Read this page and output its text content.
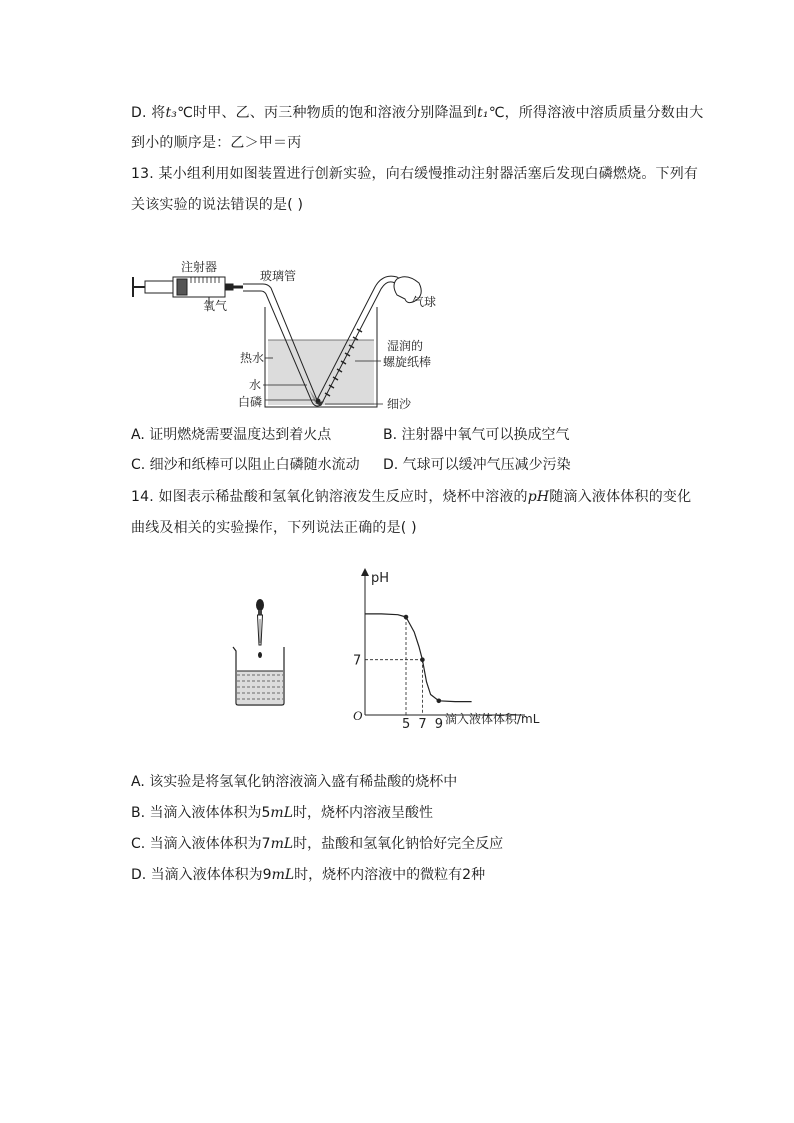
D. 将t₃℃时甲、乙、丙三种物质的饱和溶液分别降温到t₁℃，所得溶液中溶质质量分数由大
到小的顺序是：乙＞甲＝丙
13. 某小组利用如图装置进行创新实验，向右缓慢推动注射器活塞后发现白磷燃烧。下列有
关该实验的说法错误的是( )
注射器
氧气
玻璃管
气球
热水
水
白磷
湿润的
螺旋纸棒
细沙
A. 证明燃烧需要温度达到着火点	B. 注射器中氧气可以换成空气
C. 细沙和纸棒可以阻止白磷随水流动 D. 气球可以缓冲气压减少污染
14. 如图表示稀盐酸和氢氧化钠溶液发生反应时，烧杯中溶液的pH随滴入液体体积的变化
曲线及相关的实验操作，下列说法正确的是( )
pH
O	滴入液体体积/mL
5 7 9
7
A. 该实验是将氢氧化钠溶液滴入盛有稀盐酸的烧杯中
B. 当滴入液体体积为5mL时，烧杯内溶液呈酸性
C. 当滴入液体体积为7mL时，盐酸和氢氧化钠恰好完全反应
D. 当滴入液体体积为9mL时，烧杯内溶液中的微粒有2种
